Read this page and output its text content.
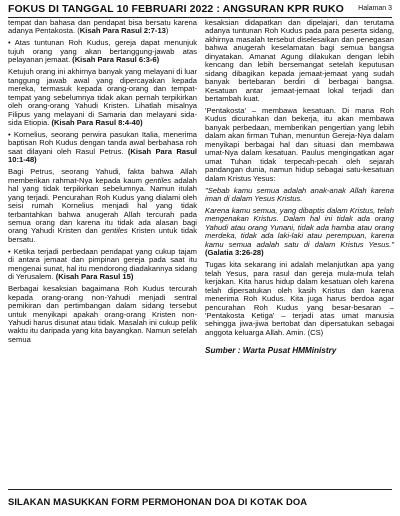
FOKUS DI TANGGAL 10 FEBRUARI 2022 : ANGSURAN KPR RUKO Halaman 3

tempat dan bahasa dan pendapat bisa bersatu karena adanya Pentakosta. (Kisah Para Rasul 2:7-13)

• Atas tuntunan Roh Kudus, gereja dapat menunjuk tujuh orang yang akan bertanggung-jawab atas pelayanan jemaat. (Kisah Para Rasul 6:3-6)

Ketujuh orang ini akhirnya banyak yang melayani di luar tanggung jawab awal yang dipercayakan kepada mereka, termasuk kepada orang-orang dan tempat-tempat yang sebelumnya tidak akan pernah terpikirkan oleh orang-orang Yahudi Kristen. Lihatlah misalnya Filipus yang melayani di Samaria dan melayani sida-sida Etiopia. (Kisah Para Rasul 8:4-40)

• Kornelius, seorang perwira pasukan Italia, menerima baptisan Roh Kudus dengan tanda awal berbahasa roh saat dilayani oleh Rasul Petrus. (Kisah Para Rasul 10:1-48)

Bagi Petrus, seorang Yahudi, fakta bahwa Allah memberikan rahmat-Nya kepada kaum gentiles adalah hal yang tidak terpikirkan sebelumnya. Namun itulah yang terjadi. Pencurahan Roh Kudus yang dialami oleh seisi rumah Kornelius menjadi hal yang tidak terbantahkan bahwa anugerah Allah tercurah pada semua orang dan karena itu tidak ada alasan bagi orang Yahudi Kristen dan gentiles Kristen untuk tidak bersatu.

• Ketika terjadi perbedaan pendapat yang cukup tajam di antara jemaat dan pimpinan gereja pada saat itu mengenai sunat, hal itu mendorong diadakannya sidang di Yerusalem. (Kisah Para Rasul 15)

Berbagai kesaksian bagaimana Roh Kudus tercurah kepada orang-orang non-Yahudi menjadi sentral pemikiran dan pertimbangan dalam sidang tersebut untuk menyikapi apakah orang-orang Kristen non-Yahudi harus disunat atau tidak. Masalah ini cukup pelik waktu itu daripada yang kita bayangkan. Namun setelah semua

kesaksian didapatkan dan dipelajari, dan terutama adanya tuntunan Roh Kudus pada para peserta sidang, akhirnya masalah tersebut diselesaikan dan penegasan bahwa anugerah keselamatan bagi semua bangsa dinyatakan. Amanat Agung dilakukan dengan lebih kencang dan lebih bersemangat setelah keputusan sidang dibagikan kepada jemaat-jemaat yang sudah banyak bertebaran berdiri di berbagai bangsa. Kesatuan antar jemaat-jemaat lokal terjadi dan bertambah kuat.

'Pentakosta' – membawa kesatuan. Di mana Roh Kudus dicurahkan dan bekerja, itu akan membawa banyak perbedaan, memberikan pengertian yang lebih dalam akan firman Tuhan, menuntun Gereja-Nya dalam menyikapi berbagai hal dan situasi dan membawa umat-Nya dalam kesatuan. Paulus mengingatkan agar umat Tuhan tidak terpecah-pecah oleh sejarah pandangan dunia, namun hidup sebagai satu-kesatuan dalam Kristus Yesus:

"Sebab kamu semua adalah anak-anak Allah karena iman di dalam Yesus Kristus.

Karena kamu semua, yang dibaptis dalam Kristus, telah mengenakan Kristus. Dalam hal ini tidak ada orang Yahudi atau orang Yunani, tidak ada hamba atau orang merdeka, tidak ada laki-laki atau perempuan, karena kamu semua adalah satu di dalam Kristus Yesus." (Galatia 3:26-28)

Tugas kita sekarang ini adalah melanjutkan apa yang telah Yesus, para rasul dan gereja mula-mula telah kerjakan. Kita harus hidup dalam kesatuan oleh karena telah dipersatukan oleh kasih Kristus dan karena menerima Roh Kudus. Kita juga harus berdoa agar pencurahan Roh Kudus yang besar-besaran – 'Pentakosta Ketiga' – terjadi atas umat manusia sehingga jiwa-jiwa bertobat dan dipersatukan sebagai anggota keluarga Allah. Amin. (CS)

Sumber : Warta Pusat HMMinistry

SILAKAN MASUKKAN FORM PERMOHONAN DOA DI KOTAK DOA
